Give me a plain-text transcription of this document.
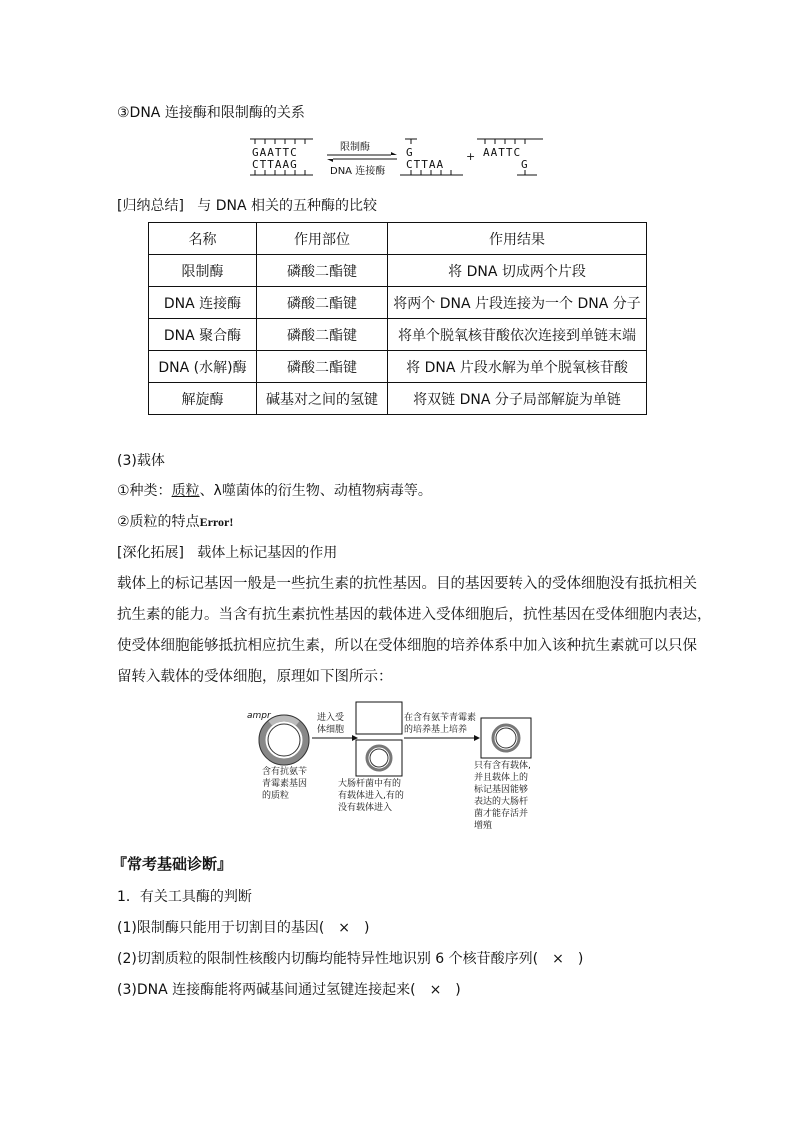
③DNA 连接酶和限制酶的关系
GAATTC
CTTAAG
限制酶
DNA 连接酶
G
CTTAA
+ AATTC
G
[归纳总结] 与 DNA 相关的五种酶的比较
名称	作用部位	作用结果
限制酶	磷酸二酯键	将 DNA 切成两个片段
DNA 连接酶	磷酸二酯键	将两个 DNA 片段连接为一个 DNA 分子
DNA 聚合酶	磷酸二酯键	将单个脱氧核苷酸依次连接到单链末端
DNA (水解)酶	磷酸二酯键	将 DNA 片段水解为单个脱氧核苷酸
解旋酶	碱基对之间的氢键	将双链 DNA 分子局部解旋为单链
(3)载体
①种类：质粒、λ噬菌体的衍生物、动植物病毒等。
②质粒的特点Error!
[深化拓展] 载体上标记基因的作用
载体上的标记基因一般是一些抗生素的抗性基因。目的基因要转入的受体细胞没有抵抗相关
抗生素的能力。当含有抗生素抗性基因的载体进入受体细胞后，抗性基因在受体细胞内表达，
使受体细胞能够抵抗相应抗生素，所以在受体细胞的培养体系中加入该种抗生素就可以只保
留转入载体的受体细胞，原理如下图所示：
ampr
含有抗氨苄
青霉素基因
的质粒
进入受
体细胞
大肠杆菌中有的
有载体进入,有的
没有载体进入
在含有氨苄青霉素
的培养基上培养
只有含有载体,
并且载体上的
标记基因能够
表达的大肠杆
菌才能存活并
增殖
『常考基础诊断』
1．有关工具酶的判断
(1)限制酶只能用于切割目的基因(　×　)
(2)切割质粒的限制性核酸内切酶均能特异性地识别 6 个核苷酸序列(　×　)
(3)DNA 连接酶能将两碱基间通过氢键连接起来(　×　)
